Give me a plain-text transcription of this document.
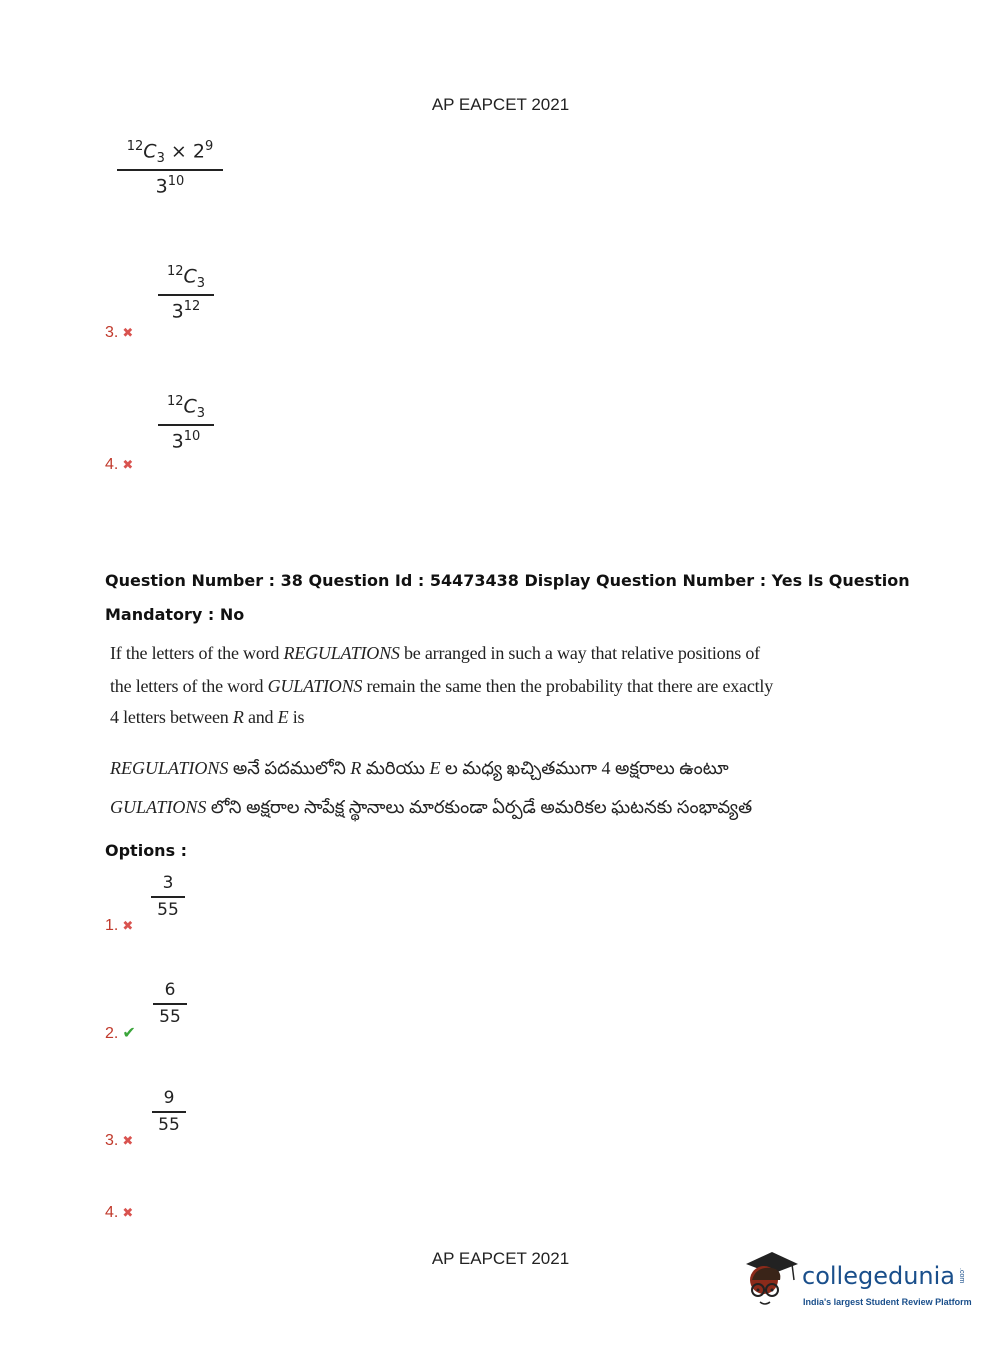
AP EAPCET 2021
$\frac{^{12}C_3 \times 2^9}{3^{10}}$
3. ✖
$\frac{^{12}C_3}{3^{12}}$
4. ✖
$\frac{^{12}C_3}{3^{10}}$
Question Number : 38 Question Id : 54473438 Display Question Number : Yes Is Question
Mandatory : No
If the letters of the word REGULATIONS be arranged in such a way that relative positions of
the letters of the word GULATIONS remain the same then the probability that there are exactly
4 letters between R and E is
REGULATIONS అనే పదములోని R మరియు E ల మధ్య ఖచ్చితముగా 4 అక్షరాలు ఉంటూ
GULATIONS లోని అక్షరాల సాపేక్ష స్థానాలు మారకుండా ఏర్పడే అమరికల ఘటనకు సంభావ్యత
Options :
1. ✖
$\frac{3}{55}$
2. ✔
$\frac{6}{55}$
3. ✖
$\frac{9}{55}$
4. ✖
AP EAPCET 2021
collegedunia .com
India's largest Student Review Platform
